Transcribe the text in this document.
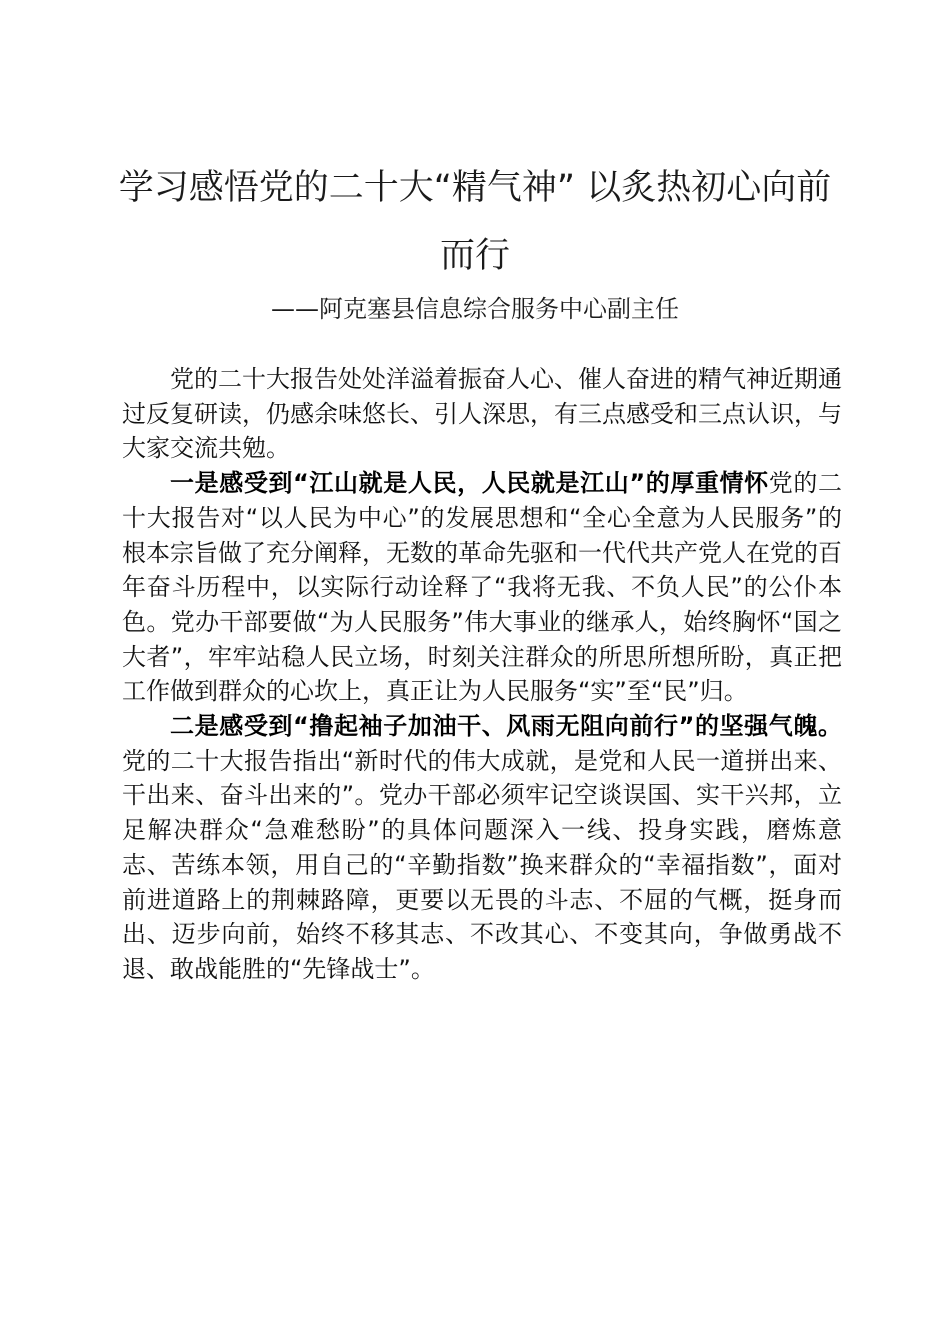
学习感悟党的二十大“精气神” 以炙热初心向前
而行

——阿克塞县信息综合服务中心副主任

党的二十大报告处处洋溢着振奋人心、催人奋进的精气神近期通过反复研读，仍感余味悠长、引人深思，有三点感受和三点认识，与大家交流共勉。

一是感受到“江山就是人民，人民就是江山”的厚重情怀党的二十大报告对“以人民为中心”的发展思想和“全心全意为人民服务”的根本宗旨做了充分阐释，无数的革命先驱和一代代共产党人在党的百年奋斗历程中，以实际行动诠释了“我将无我、不负人民”的公仆本色。党办干部要做“为人民服务”伟大事业的继承人，始终胸怀“国之大者”，牢牢站稳人民立场，时刻关注群众的所思所想所盼，真正把工作做到群众的心坎上，真正让为人民服务“实”至“民”归。

二是感受到“撸起袖子加油干、风雨无阻向前行”的坚强气魄。党的二十大报告指出“新时代的伟大成就，是党和人民一道拼出来、干出来、奋斗出来的”。党办干部必须牢记空谈误国、实干兴邦，立足解决群众“急难愁盼”的具体问题深入一线、投身实践，磨炼意志、苦练本领，用自己的“辛勤指数”换来群众的“幸福指数”，面对前进道路上的荆棘路障，更要以无畏的斗志、不屈的气概，挺身而出、迈步向前，始终不移其志、不改其心、不变其向，争做勇战不退、敢战能胜的“先锋战士”。
